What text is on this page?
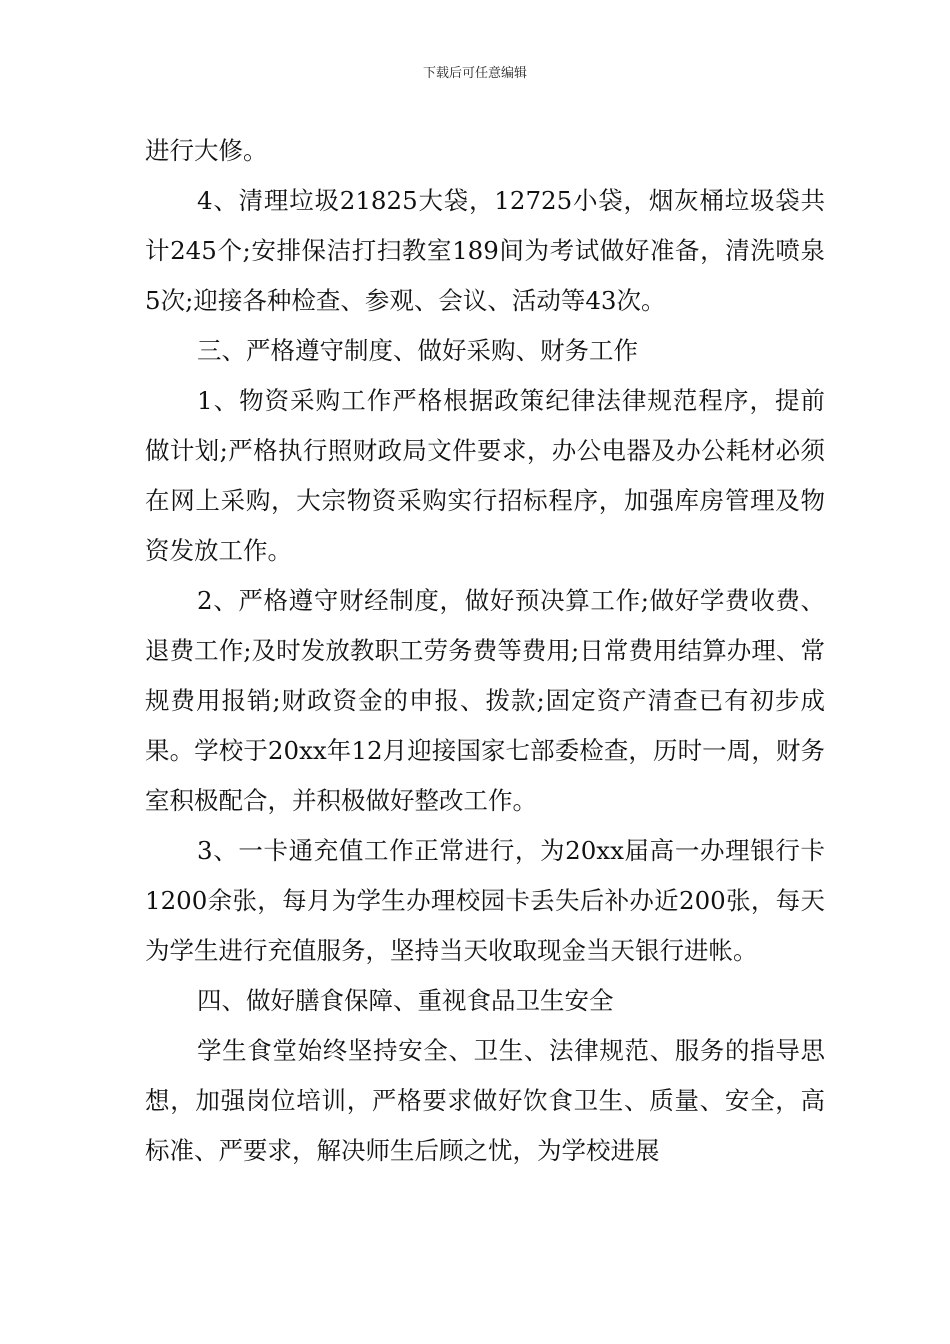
下载后可任意编辑

进行大修。

4、清理垃圾21825大袋，12725小袋，烟灰桶垃圾袋共计245个;安排保洁打扫教室189间为考试做好准备，清洗喷泉5次;迎接各种检查、参观、会议、活动等43次。

三、严格遵守制度、做好采购、财务工作

1、物资采购工作严格根据政策纪律法律规范程序，提前做计划;严格执行照财政局文件要求，办公电器及办公耗材必须在网上采购，大宗物资采购实行招标程序，加强库房管理及物资发放工作。

2、严格遵守财经制度，做好预决算工作;做好学费收费、退费工作;及时发放教职工劳务费等费用;日常费用结算办理、常规费用报销;财政资金的申报、拨款;固定资产清查已有初步成果。学校于20xx年12月迎接国家七部委检查，历时一周，财务室积极配合，并积极做好整改工作。

3、一卡通充值工作正常进行，为20xx届高一办理银行卡1200余张，每月为学生办理校园卡丢失后补办近200张，每天为学生进行充值服务，坚持当天收取现金当天银行进帐。

四、做好膳食保障、重视食品卫生安全

学生食堂始终坚持安全、卫生、法律规范、服务的指导思想，加强岗位培训，严格要求做好饮食卫生、质量、安全，高标准、严要求，解决师生后顾之忧，为学校进展
